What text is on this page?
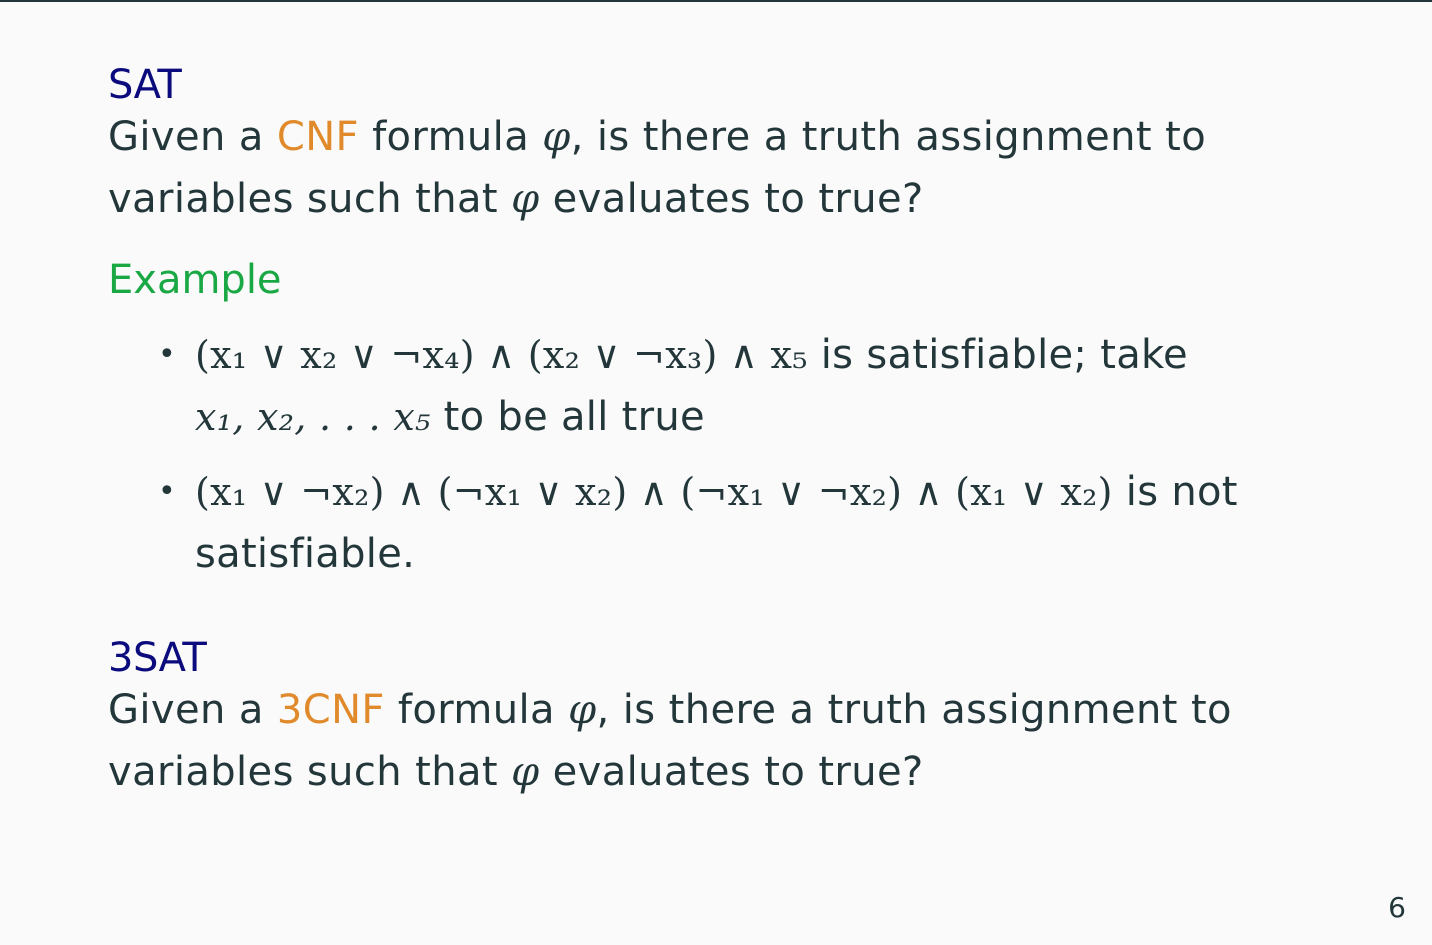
SAT
Given a CNF formula φ, is there a truth assignment to variables such that φ evaluates to true?
Example
• (x₁ ∨ x₂ ∨ ¬x₄) ∧ (x₂ ∨ ¬x₃) ∧ x₅ is satisfiable; take x₁, x₂, . . . x₅ to be all true
• (x₁ ∨ ¬x₂) ∧ (¬x₁ ∨ x₂) ∧ (¬x₁ ∨ ¬x₂) ∧ (x₁ ∨ x₂) is not satisfiable.
3SAT
Given a 3CNF formula φ, is there a truth assignment to variables such that φ evaluates to true?
6
